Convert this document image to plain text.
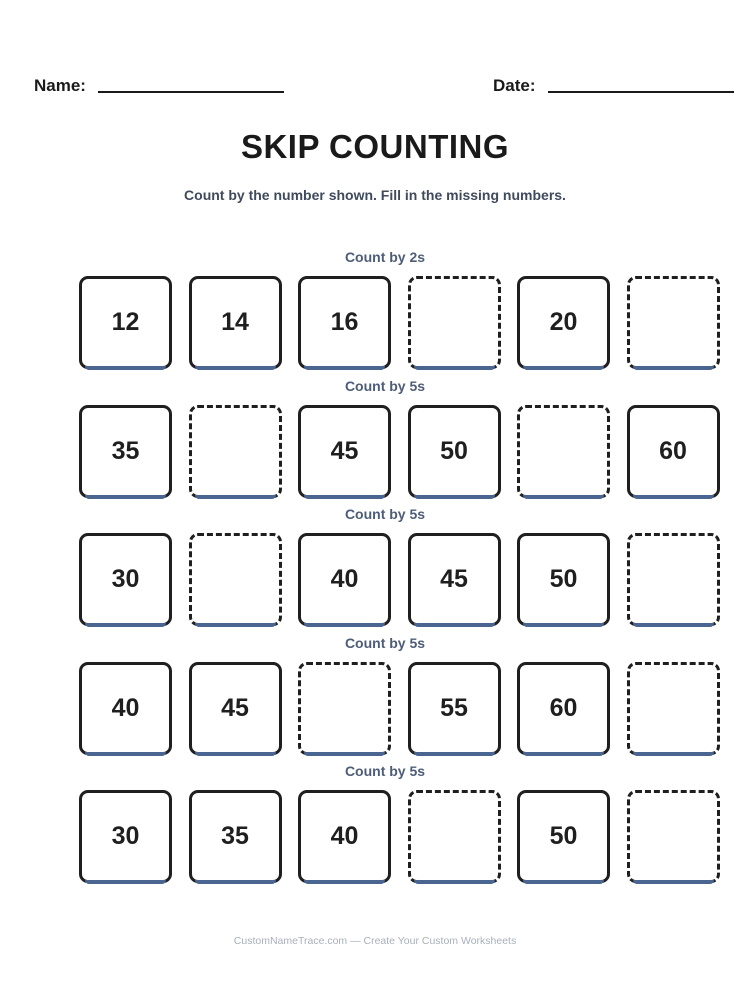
Name:	Date:
SKIP COUNTING
Count by the number shown. Fill in the missing numbers.
Count by 2s
12	14	16	20
Count by 5s
35	45	50	60
Count by 5s
30	40	45	50
Count by 5s
40	45	55	60
Count by 5s
30	35	40	50
CustomNameTrace.com — Create Your Custom Worksheets
